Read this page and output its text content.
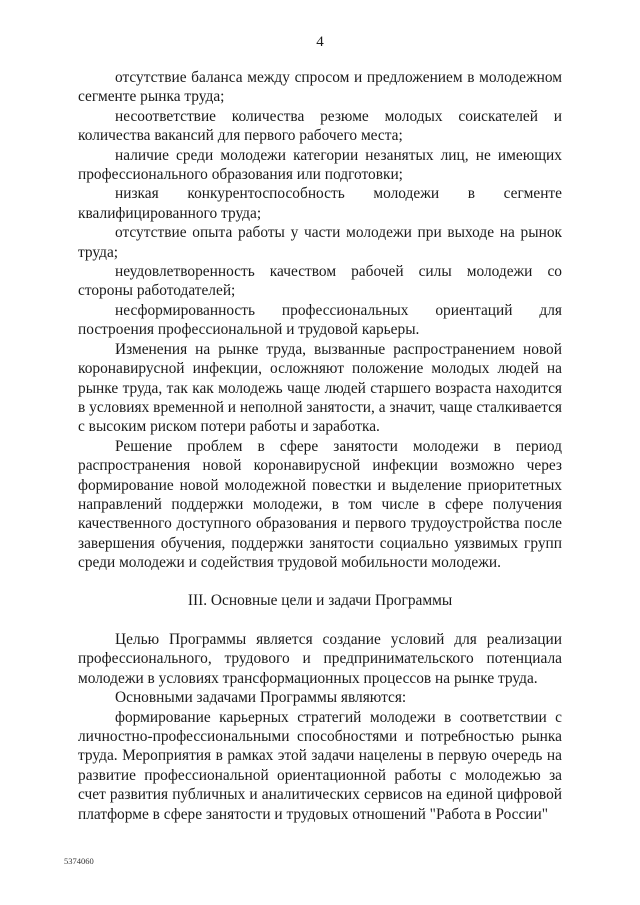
4

отсутствие баланса между спросом и предложением в молодежном сегменте рынка труда;

несоответствие количества резюме молодых соискателей и количества вакансий для первого рабочего места;

наличие среди молодежи категории незанятых лиц, не имеющих профессионального образования или подготовки;

низкая конкурентоспособность молодежи в сегменте квалифицированного труда;

отсутствие опыта работы у части молодежи при выходе на рынок труда;

неудовлетворенность качеством рабочей силы молодежи со стороны работодателей;

несформированность профессиональных ориентаций для построения профессиональной и трудовой карьеры.

Изменения на рынке труда, вызванные распространением новой коронавирусной инфекции, осложняют положение молодых людей на рынке труда, так как молодежь чаще людей старшего возраста находится в условиях временной и неполной занятости, а значит, чаще сталкивается с высоким риском потери работы и заработка.

Решение проблем в сфере занятости молодежи в период распространения новой коронавирусной инфекции возможно через формирование новой молодежной повестки и выделение приоритетных направлений поддержки молодежи, в том числе в сфере получения качественного доступного образования и первого трудоустройства после завершения обучения, поддержки занятости социально уязвимых групп среди молодежи и содействия трудовой мобильности молодежи.

III. Основные цели и задачи Программы

Целью Программы является создание условий для реализации профессионального, трудового и предпринимательского потенциала молодежи в условиях трансформационных процессов на рынке труда.

Основными задачами Программы являются:

формирование карьерных стратегий молодежи в соответствии с личностно-профессиональными способностями и потребностью рынка труда. Мероприятия в рамках этой задачи нацелены в первую очередь на развитие профессиональной ориентационной работы с молодежью за счет развития публичных и аналитических сервисов на единой цифровой платформе в сфере занятости и трудовых отношений "Работа в России"

5374060
